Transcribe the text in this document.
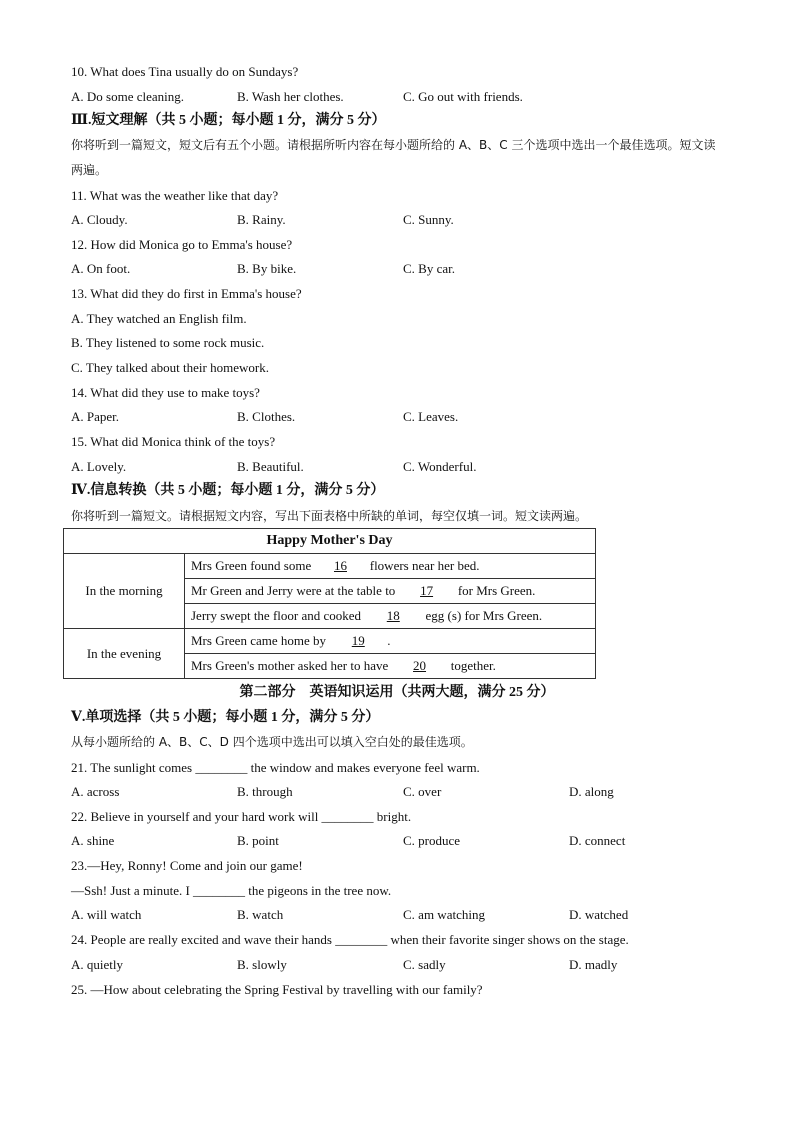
10. What does Tina usually do on Sundays?
A. Do some cleaning.	B. Wash her clothes.	C. Go out with friends.
Ⅲ.短文理解（共 5 小题；每小题 1 分，满分 5 分）
你将听到一篇短文，短文后有五个小题。请根据所听内容在每小题所给的 A、B、C 三个选项中选出一个最佳选项。短文读两遍。
11. What was the weather like that day?
A. Cloudy.	B. Rainy.	C. Sunny.
12. How did Monica go to Emma's house?
A. On foot.	B. By bike.	C. By car.
13. What did they do first in Emma's house?
A. They watched an English film.
B. They listened to some rock music.
C. They talked about their homework.
14. What did they use to make toys?
A. Paper.	B. Clothes.	C. Leaves.
15. What did Monica think of the toys?
A. Lovely.	B. Beautiful.	C. Wonderful.
Ⅳ.信息转换（共 5 小题；每小题 1 分，满分 5 分）
你将听到一篇短文。请根据短文内容，写出下面表格中所缺的单词，每空仅填一词。短文读两遍。
Happy Mother's Day	
In the morning	Mrs Green found some 16 flowers near her bed.
	Mr Green and Jerry were at the table to 17 for Mrs Green.
	Jerry swept the floor and cooked 18 egg (s) for Mrs Green.
In the evening	Mrs Green came home by 19 .
	Mrs Green's mother asked her to have 20 together.
第二部分　英语知识运用（共两大题，满分 25 分）
Ⅴ.单项选择（共 5 小题；每小题 1 分，满分 5 分）
从每小题所给的 A、B、C、D 四个选项中选出可以填入空白处的最佳选项。
21. The sunlight comes ________ the window and makes everyone feel warm.
A. across	B. through	C. over	D. along
22. Believe in yourself and your hard work will ________ bright.
A. shine	B. point	C. produce	D. connect
23.—Hey, Ronny! Come and join our game!
—Ssh! Just a minute. I ________ the pigeons in the tree now.
A. will watch	B. watch	C. am watching	D. watched
24. People are really excited and wave their hands ________ when their favorite singer shows on the stage.
A. quietly	B. slowly	C. sadly	D. madly
25. —How about celebrating the Spring Festival by travelling with our family?
